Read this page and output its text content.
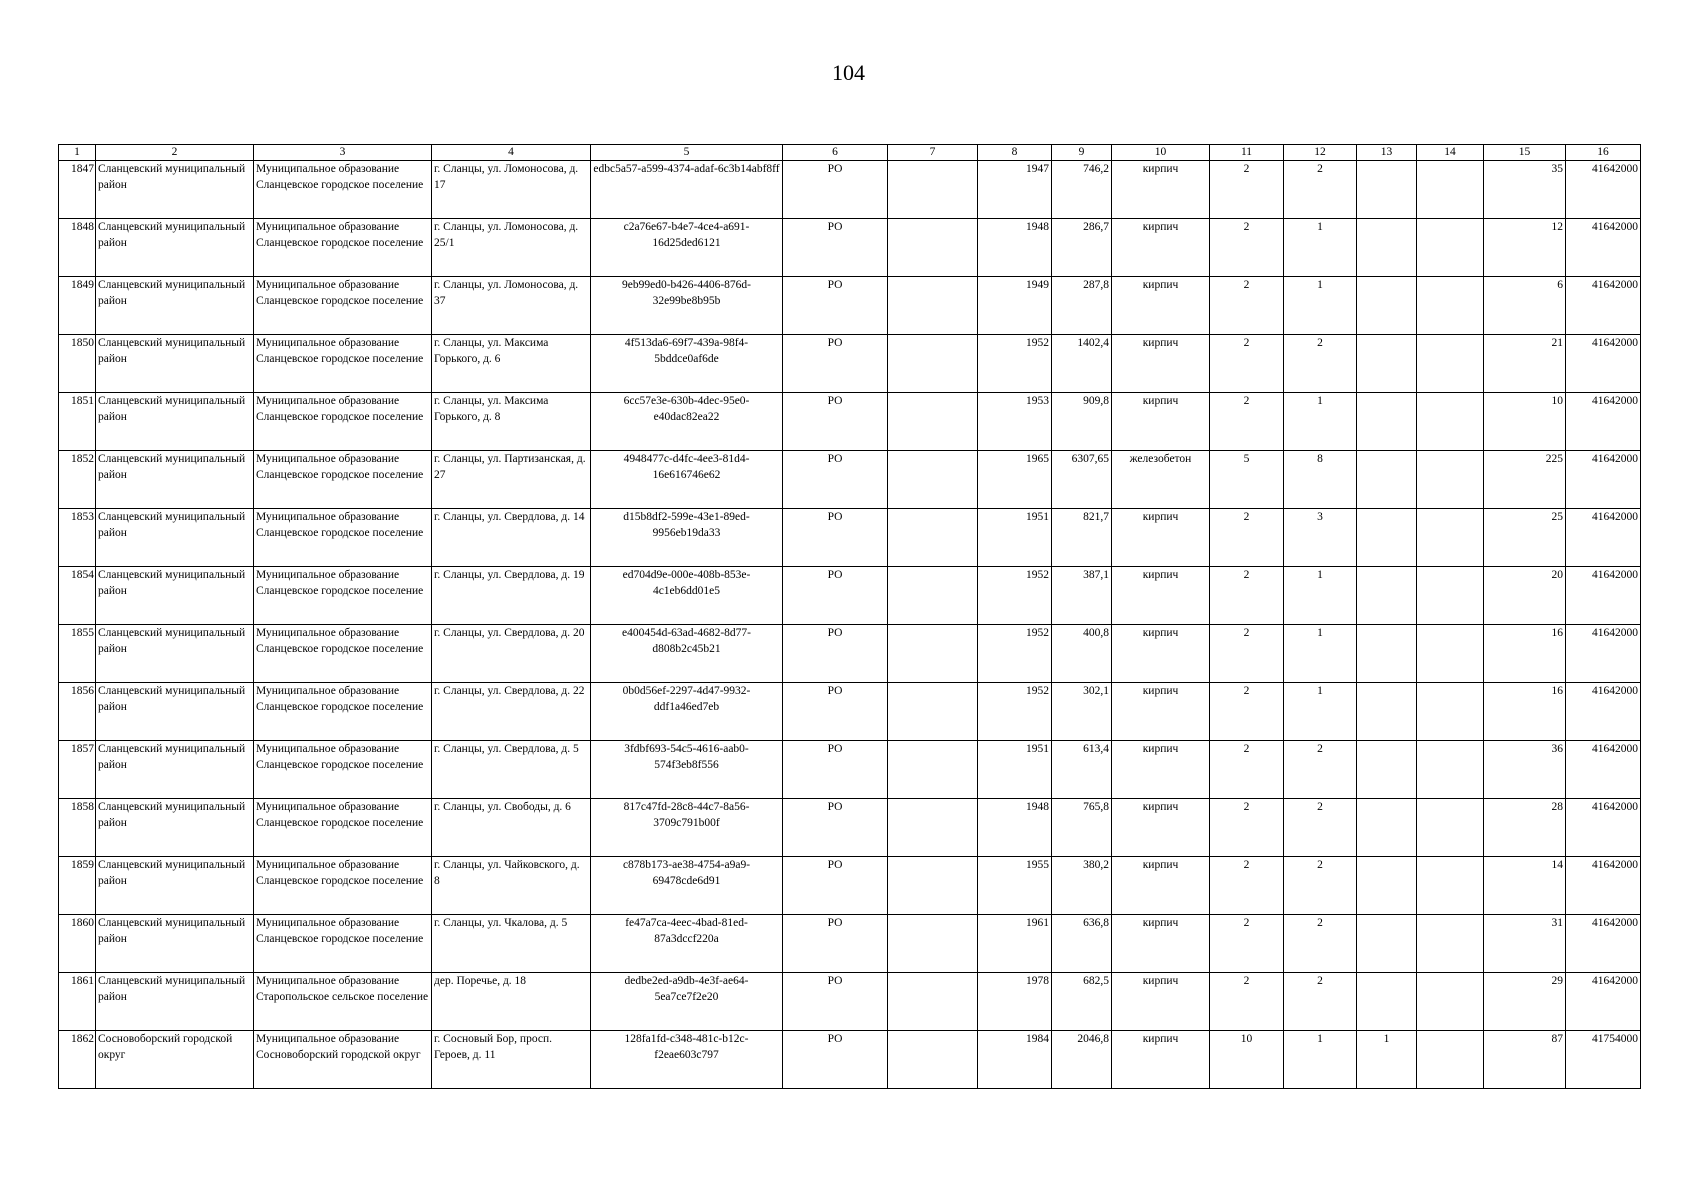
104
1	2	3	4	5	6	7	8	9	10	11	12	13	14	15	16
1847	Сланцевский муниципальный район	Муниципальное образование Сланцевское городское поселение	г. Сланцы, ул. Ломоносова, д. 17	edbc5a57-a599-4374-adaf-6c3b14abf8ff	РО		1947	746,2	кирпич	2	2			35	41642000
1848	Сланцевский муниципальный район	Муниципальное образование Сланцевское городское поселение	г. Сланцы, ул. Ломоносова, д. 25/1	c2a76e67-b4e7-4ce4-a691-16d25ded6121	РО		1948	286,7	кирпич	2	1			12	41642000
1849	Сланцевский муниципальный район	Муниципальное образование Сланцевское городское поселение	г. Сланцы, ул. Ломоносова, д. 37	9eb99ed0-b426-4406-876d-32e99be8b95b	РО		1949	287,8	кирпич	2	1			6	41642000
1850	Сланцевский муниципальный район	Муниципальное образование Сланцевское городское поселение	г. Сланцы, ул. Максима Горького, д. 6	4f513da6-69f7-439a-98f4-5bddce0af6de	РО		1952	1402,4	кирпич	2	2			21	41642000
1851	Сланцевский муниципальный район	Муниципальное образование Сланцевское городское поселение	г. Сланцы, ул. Максима Горького, д. 8	6cc57e3e-630b-4dec-95e0-e40dac82ea22	РО		1953	909,8	кирпич	2	1			10	41642000
1852	Сланцевский муниципальный район	Муниципальное образование Сланцевское городское поселение	г. Сланцы, ул. Партизанская, д. 27	4948477c-d4fc-4ee3-81d4-16e616746e62	РО		1965	6307,65	железобетон	5	8			225	41642000
1853	Сланцевский муниципальный район	Муниципальное образование Сланцевское городское поселение	г. Сланцы, ул. Свердлова, д. 14	d15b8df2-599e-43e1-89ed-9956eb19da33	РО		1951	821,7	кирпич	2	3			25	41642000
1854	Сланцевский муниципальный район	Муниципальное образование Сланцевское городское поселение	г. Сланцы, ул. Свердлова, д. 19	ed704d9e-000e-408b-853e-4c1eb6dd01e5	РО		1952	387,1	кирпич	2	1			20	41642000
1855	Сланцевский муниципальный район	Муниципальное образование Сланцевское городское поселение	г. Сланцы, ул. Свердлова, д. 20	e400454d-63ad-4682-8d77-d808b2c45b21	РО		1952	400,8	кирпич	2	1			16	41642000
1856	Сланцевский муниципальный район	Муниципальное образование Сланцевское городское поселение	г. Сланцы, ул. Свердлова, д. 22	0b0d56ef-2297-4d47-9932-ddf1a46ed7eb	РО		1952	302,1	кирпич	2	1			16	41642000
1857	Сланцевский муниципальный район	Муниципальное образование Сланцевское городское поселение	г. Сланцы, ул. Свердлова, д. 5	3fdbf693-54c5-4616-aab0-574f3eb8f556	РО		1951	613,4	кирпич	2	2			36	41642000
1858	Сланцевский муниципальный район	Муниципальное образование Сланцевское городское поселение	г. Сланцы, ул. Свободы, д. 6	817c47fd-28c8-44c7-8a56-3709c791b00f	РО		1948	765,8	кирпич	2	2			28	41642000
1859	Сланцевский муниципальный район	Муниципальное образование Сланцевское городское поселение	г. Сланцы, ул. Чайковского, д. 8	c878b173-ae38-4754-a9a9-69478cde6d91	РО		1955	380,2	кирпич	2	2			14	41642000
1860	Сланцевский муниципальный район	Муниципальное образование Сланцевское городское поселение	г. Сланцы, ул. Чкалова, д. 5	fe47a7ca-4eec-4bad-81ed-87a3dccf220a	РО		1961	636,8	кирпич	2	2			31	41642000
1861	Сланцевский муниципальный район	Муниципальное образование Старопольское сельское поселение	дер. Поречье, д. 18	dedbe2ed-a9db-4e3f-ae64-5ea7ce7f2e20	РО		1978	682,5	кирпич	2	2			29	41642000
1862	Сосновоборский городской округ	Муниципальное образование Сосновоборский городской округ	г. Сосновый Бор, просп. Героев, д. 11	128fa1fd-c348-481c-b12c-f2eae603c797	РО		1984	2046,8	кирпич	10	1	1		87	41754000
